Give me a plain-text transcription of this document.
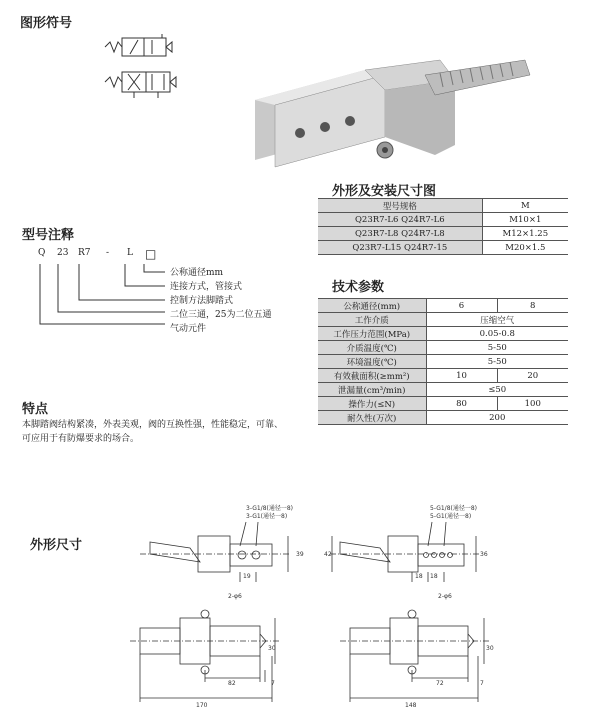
图形符号
型号注释
Q 23 R7 - L □
公称通径mm
连接方式，管接式
控制方法脚踏式
二位三通，25为二位五通
气动元件
特点
本脚踏阀结构紧凑，外表美观，阀的互换性强，性能稳定，可靠、
可应用于有防爆要求的场合。
外形及安装尺寸图
型号规格	M
Q23R7-L6 Q24R7-L6	M10×1
Q23R7-L8 Q24R7-L8	M12×1.25
Q23R7-L15 Q24R7-15	M20×1.5
技术参数
公称通径(mm)	6	8
工作介质	压缩空气	
工作压力范围(MPa)	0.05-0.8	
介质温度(℃)	5-50	
环境温度(℃)	5-50	
有效截面积(≥mm²)	10	20
泄漏量(cm³/min)	≤50	
操作力(≤N)	80	100
耐久性(万次)	200	
外形尺寸
3-G1/8(通径一8)
3-G1(通径一8)
5-G1/8(通径一8)
5-G1(通径一8)
19
39	42	36
18 18
2-φ6	2-φ6
30	30
82	72
7	7
170	148
